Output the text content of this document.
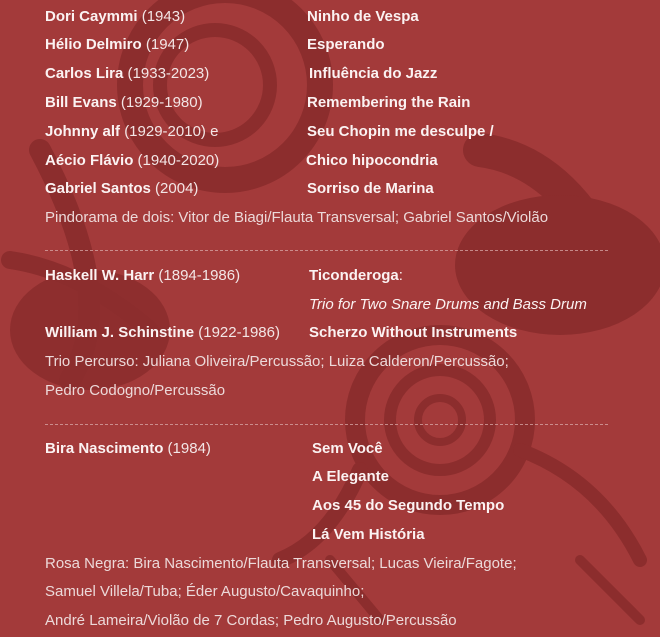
Dori Caymmi (1943)	Ninho de Vespa
Hélio Delmiro (1947)	Esperando
Carlos Lira (1933-2023)	Influência do Jazz
Bill Evans (1929-1980)	Remembering the Rain
Johnny alf (1929-2010) e	Seu Chopin me desculpe /
Aécio Flávio (1940-2020)	Chico hipocondria
Gabriel Santos (2004)	Sorriso de Marina
Pindorama de dois: Vitor de Biagi/Flauta Transversal; Gabriel Santos/Violão
Haskell W. Harr (1894-1986)	Ticonderoga:
Trio for Two Snare Drums and Bass Drum
William J. Schinstine (1922-1986) Scherzo Without Instruments
Trio Percurso: Juliana Oliveira/Percussão; Luiza Calderon/Percussão;
Pedro Codogno/Percussão
Bira Nascimento (1984)	Sem Você
A Elegante
Aos 45 do Segundo Tempo
Lá Vem História
Rosa Negra: Bira Nascimento/Flauta Transversal; Lucas Vieira/Fagote;
Samuel Villela/Tuba; Éder Augusto/Cavaquinho;
André Lameira/Violão de 7 Cordas; Pedro Augusto/Percussão
